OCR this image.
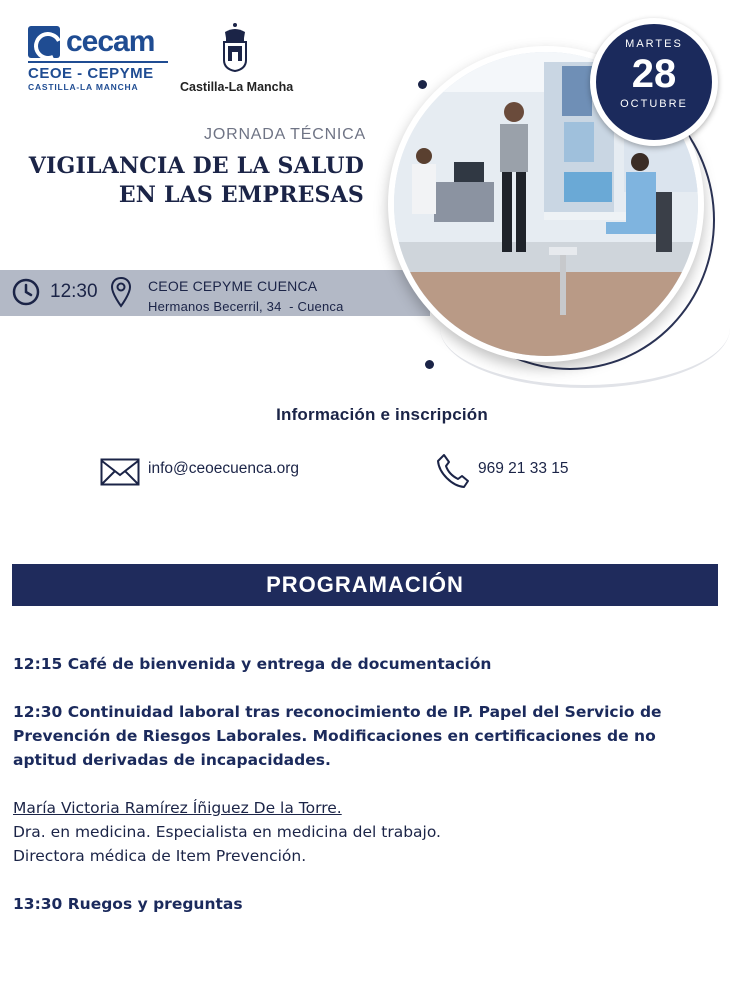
cecam
CEOE - CEPYME
CASTILLA-LA MANCHA	Castilla-La Mancha
JORNADA TÉCNICA
VIGILANCIA DE LA SALUD
EN LAS EMPRESAS
12:30	CEOE CEPYME CUENCA
Hermanos Becerril, 34  - Cuenca
MARTES
28
OCTUBRE
Información e inscripción
info@ceoecuenca.org	969 21 33 15
PROGRAMACIÓN

12:15 Café de bienvenida y entrega de documentación

12:30 Continuidad laboral tras reconocimiento de IP. Papel del Servicio de

Prevención de Riesgos Laborales. Modificaciones en certificaciones de no

aptitud derivadas de incapacidades.

María Victoria Ramírez Íñiguez De la Torre.

Dra. en medicina. Especialista en medicina del trabajo.

Directora médica de Item Prevención.

13:30 Ruegos y preguntas
